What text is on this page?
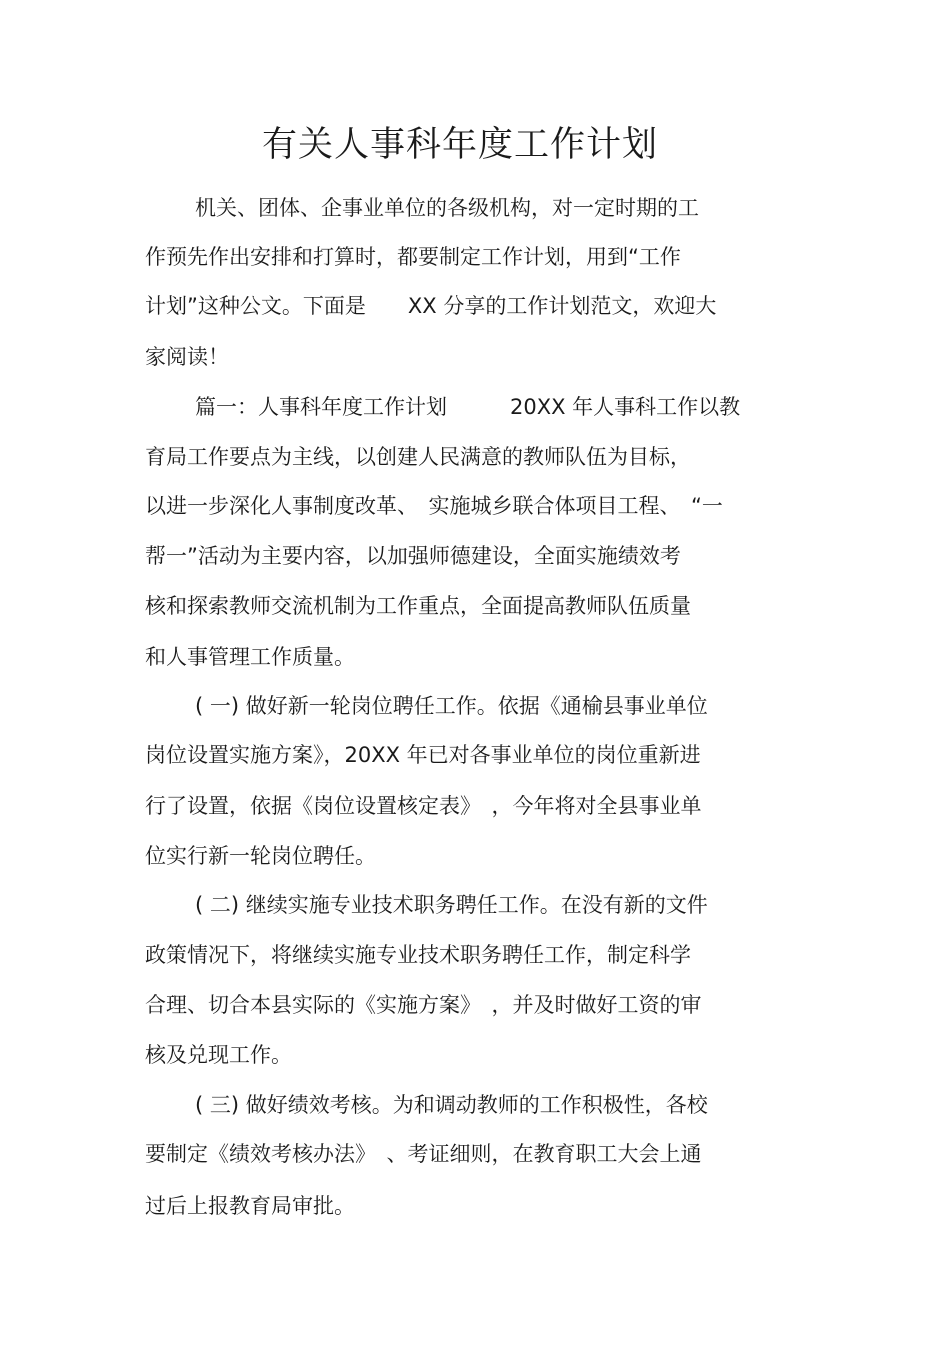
有关人事科年度工作计划
机关、团体、企事业单位的各级机构，对一定时期的工
作预先作出安排和打算时，都要制定工作计划，用到“工作
计划”这种公文。下面是　　XX 分享的工作计划范文，欢迎大
家阅读！
篇一：人事科年度工作计划　　　20XX 年人事科工作以教
育局工作要点为主线，以创建人民满意的教师队伍为目标，
以进一步深化人事制度改革、　实施城乡联合体项目工程、　“一
帮一”活动为主要内容，以加强师德建设，全面实施绩效考
核和探索教师交流机制为工作重点，全面提高教师队伍质量
和人事管理工作质量。
( 一) 做好新一轮岗位聘任工作。依据《通榆县事业单位
岗位设置实施方案》，20XX 年已对各事业单位的岗位重新进
行了设置，依据《岗位设置核定表》　，今年将对全县事业单
位实行新一轮岗位聘任。
( 二) 继续实施专业技术职务聘任工作。在没有新的文件
政策情况下，将继续实施专业技术职务聘任工作，制定科学
合理、切合本县实际的《实施方案》　，并及时做好工资的审
核及兑现工作。
( 三) 做好绩效考核。为和调动教师的工作积极性，各校
要制定《绩效考核办法》　、考证细则，在教育职工大会上通
过后上报教育局审批。
